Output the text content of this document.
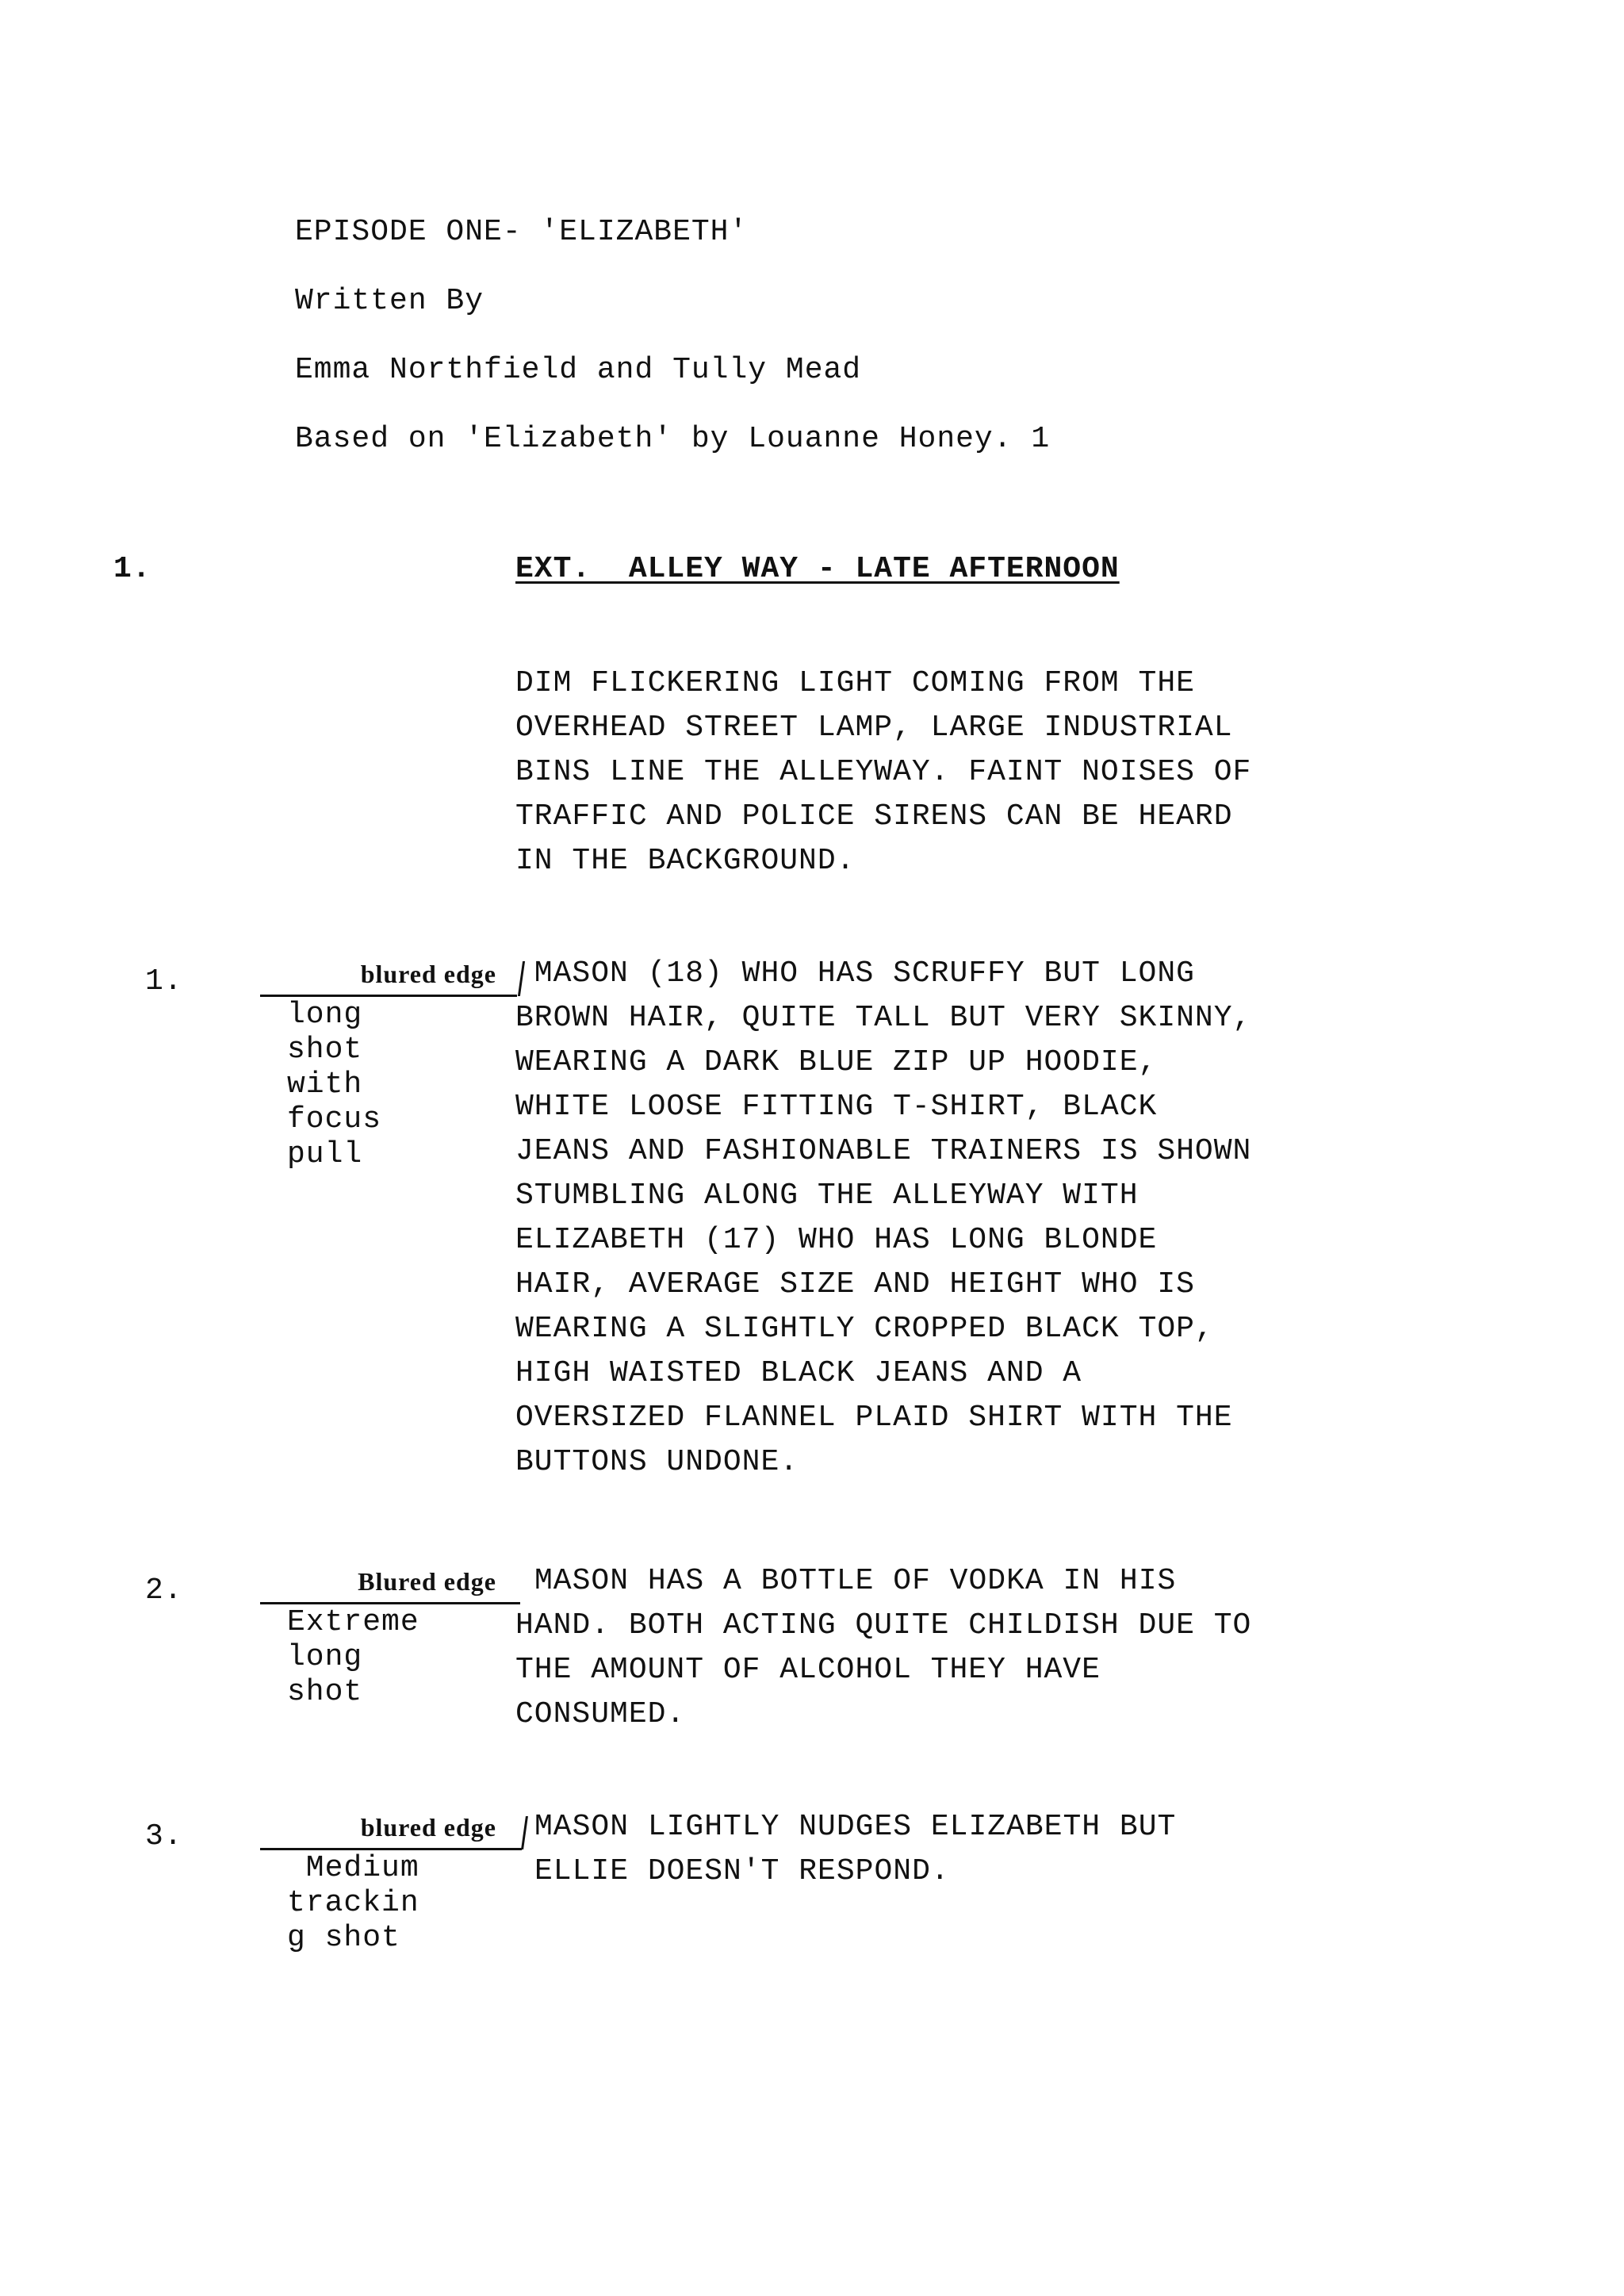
EPISODE ONE- 'ELIZABETH'
Written By
Emma Northfield and Tully Mead
Based on 'Elizabeth' by Louanne Honey. 1
1.	EXT.  ALLEY WAY - LATE AFTERNOON

DIM FLICKERING LIGHT COMING FROM THE
OVERHEAD STREET LAMP, LARGE INDUSTRIAL
BINS LINE THE ALLEYWAY. FAINT NOISES OF
TRAFFIC AND POLICE SIRENS CAN BE HEARD
IN THE BACKGROUND.

1.	blured edge
long
shot
with
focus
pull

MASON (18) WHO HAS SCRUFFY BUT LONG
BROWN HAIR, QUITE TALL BUT VERY SKINNY,
WEARING A DARK BLUE ZIP UP HOODIE,
WHITE LOOSE FITTING T-SHIRT, BLACK
JEANS AND FASHIONABLE TRAINERS IS SHOWN
STUMBLING ALONG THE ALLEYWAY WITH
ELIZABETH (17) WHO HAS LONG BLONDE
HAIR, AVERAGE SIZE AND HEIGHT WHO IS
WEARING A SLIGHTLY CROPPED BLACK TOP,
HIGH WAISTED BLACK JEANS AND A
OVERSIZED FLANNEL PLAID SHIRT WITH THE
BUTTONS UNDONE.

2.	Blured edge
Extreme
long
shot

MASON HAS A BOTTLE OF VODKA IN HIS
HAND. BOTH ACTING QUITE CHILDISH DUE TO
THE AMOUNT OF ALCOHOL THEY HAVE
CONSUMED.

3.	blured edge
Medium
trackin
g shot

MASON LIGHTLY NUDGES ELIZABETH BUT
ELLIE DOESN'T RESPOND.
